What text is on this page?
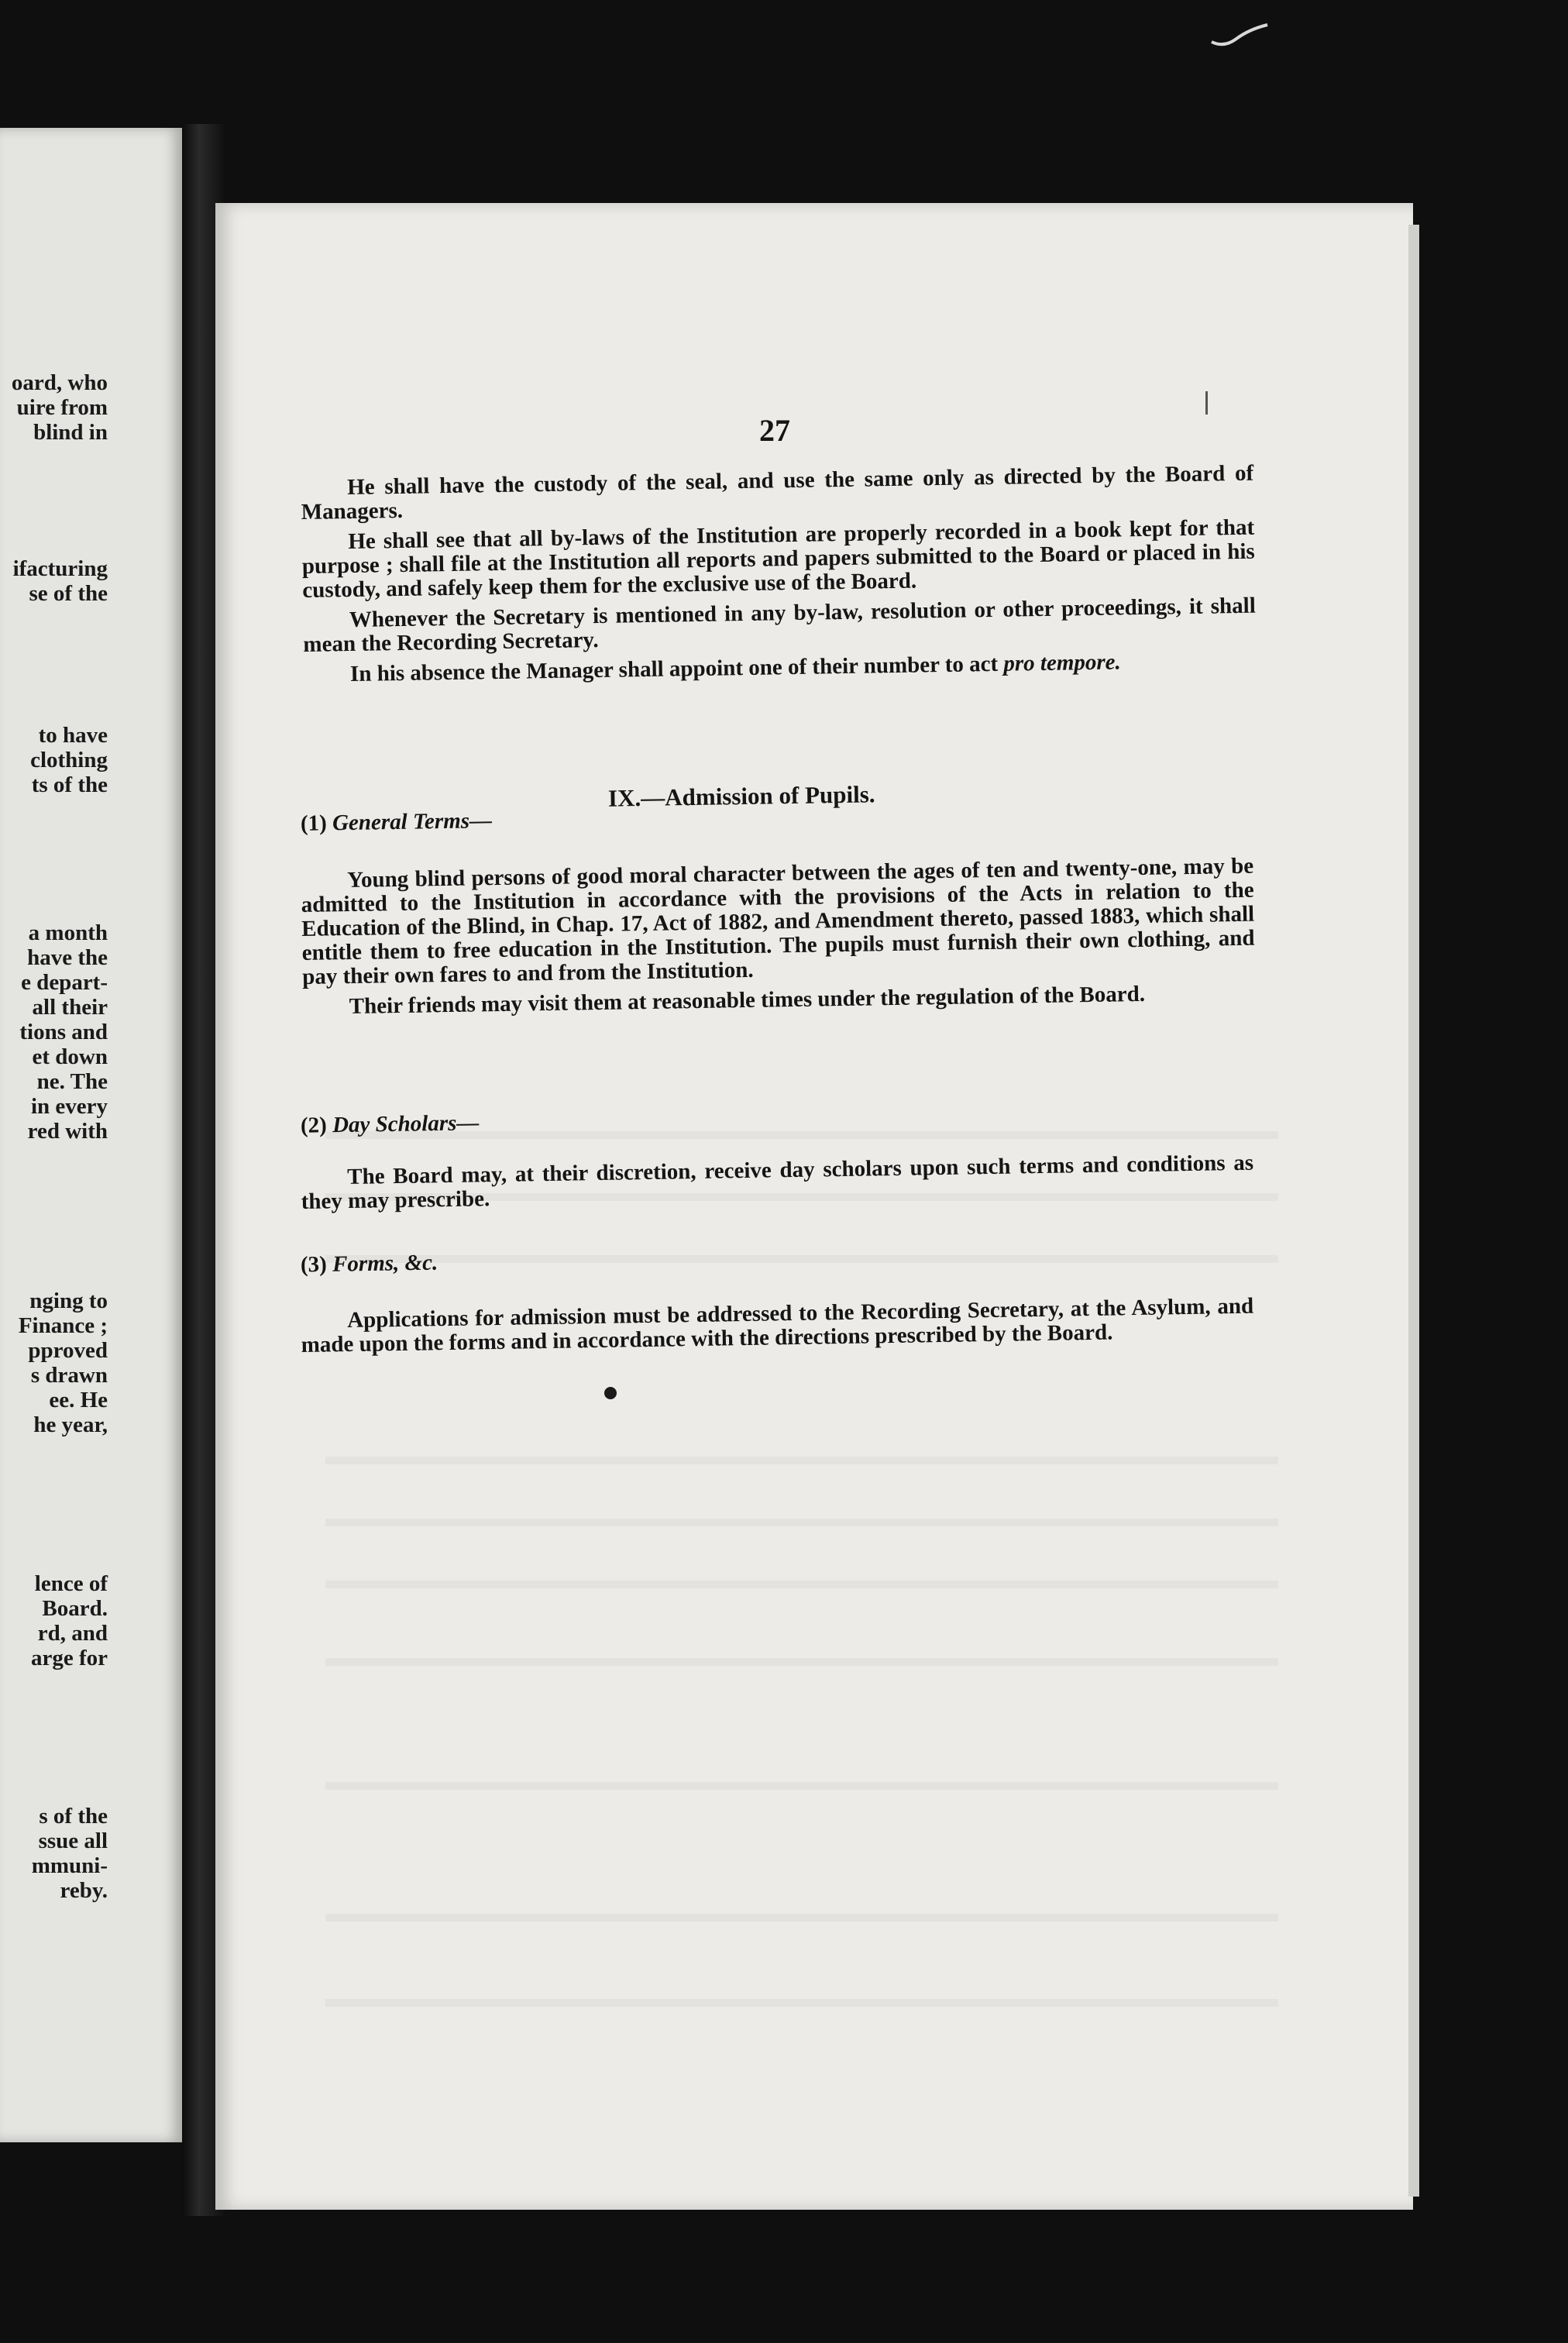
oard, who
uire from
blind in
ifacturing
se of the
to have
clothing
ts of the
a month
have the
e depart-
all their
tions and
et down
ne. The
in every
red with
nging to
Finance ;
pproved
s drawn
ee. He
he year,
lence of
Board.
rd, and
arge for
s of the
ssue all
mmuni-
reby.
27

He shall have the custody of the seal, and use the same only as directed by the Board of Managers.

He shall see that all by-laws of the Institution are properly recorded in a book kept for that purpose ; shall file at the Institution all reports and papers submitted to the Board or placed in his custody, and safely keep them for the exclusive use of the Board.

Whenever the Secretary is mentioned in any by-law, resolution or other proceedings, it shall mean the Recording Secretary.

In his absence the Manager shall appoint one of their number to act pro tempore.

IX.—Admission of Pupils.
(1) General Terms—

Young blind persons of good moral character between the ages of ten and twenty-one, may be admitted to the Institution in accordance with the provisions of the Acts in relation to the Education of the Blind, in Chap. 17, Act of 1882, and Amendment thereto, passed 1883, which shall entitle them to free education in the Institution. The pupils must furnish their own clothing, and pay their own fares to and from the Institution.

Their friends may visit them at reasonable times under the regulation of the Board.

(2) Day Scholars—

The Board may, at their discretion, receive day scholars upon such terms and conditions as they may prescribe.

(3) Forms, &c.

Applications for admission must be addressed to the Recording Secretary, at the Asylum, and made upon the forms and in accordance with the directions prescribed by the Board.
